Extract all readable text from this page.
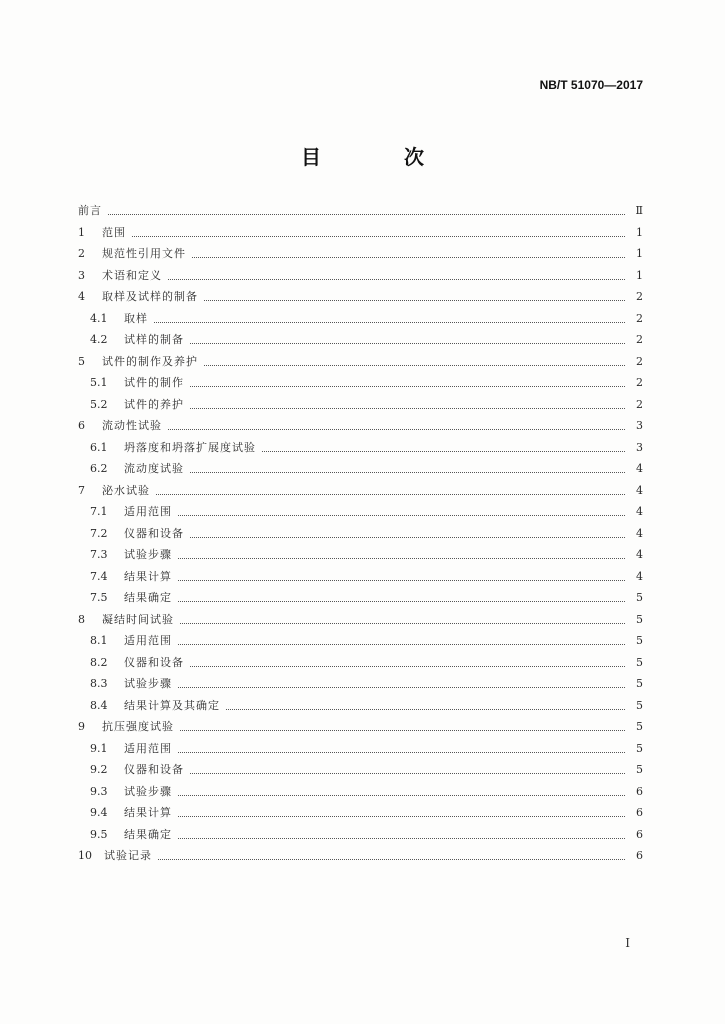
NB/T 51070—2017
目 次
前言	Ⅱ
1	范围	1
2	规范性引用文件	1
3	术语和定义	1
4	取样及试样的制备	2
4.1	取样	2
4.2	试样的制备	2
5	试件的制作及养护	2
5.1	试件的制作	2
5.2	试件的养护	2
6	流动性试验	3
6.1	坍落度和坍落扩展度试验	3
6.2	流动度试验	4
7	泌水试验	4
7.1	适用范围	4
7.2	仪器和设备	4
7.3	试验步骤	4
7.4	结果计算	4
7.5	结果确定	5
8	凝结时间试验	5
8.1	适用范围	5
8.2	仪器和设备	5
8.3	试验步骤	5
8.4	结果计算及其确定	5
9	抗压强度试验	5
9.1	适用范围	5
9.2	仪器和设备	5
9.3	试验步骤	6
9.4	结果计算	6
9.5	结果确定	6
10 试验记录	6
I
